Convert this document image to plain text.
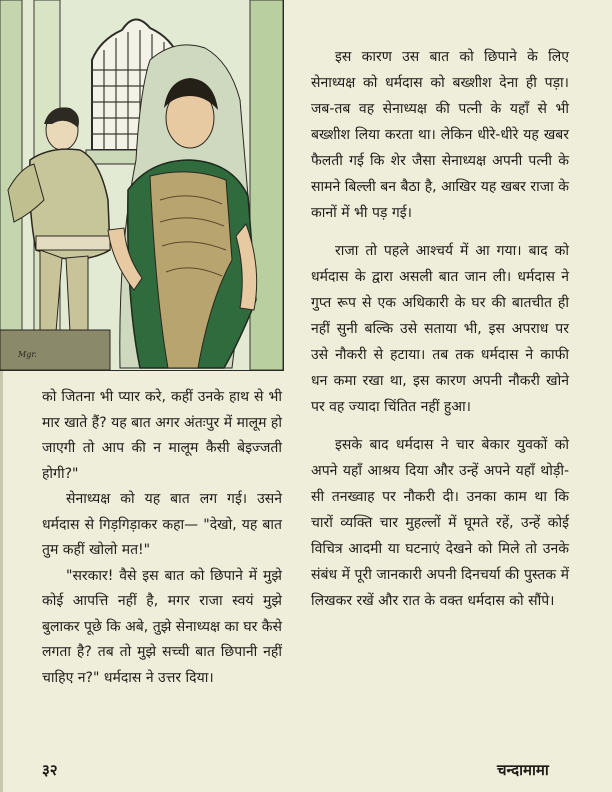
Mgr.

को जितना भी प्यार करे, कहीं उनके हाथ से भी मार खाते हैं? यह बात अगर अंतःपुर में मालूम हो जाएगी तो आप की न मालूम कैसी बेइज्जती होगी?"

सेनाध्यक्ष को यह बात लग गई। उसने धर्मदास से गिड़गिड़ाकर कहा— "देखो, यह बात तुम कहीं खोलो मत!"

"सरकार! वैसे इस बात को छिपाने में मुझे कोई आपत्ति नहीं है, मगर राजा स्वयं मुझे बुलाकर पूछे कि अबे, तुझे सेनाध्यक्ष का घर कैसे लगता है? तब तो मुझे सच्ची बात छिपानी नहीं चाहिए न?" धर्मदास ने उत्तर दिया।

इस कारण उस बात को छिपाने के लिए सेनाध्यक्ष को धर्मदास को बख्शीश देना ही पड़ा। जब-तब वह सेनाध्यक्ष की पत्नी के यहाँ से भी बख्शीश लिया करता था। लेकिन धीरे-धीरे यह खबर फैलती गई कि शेर जैसा सेनाध्यक्ष अपनी पत्नी के सामने बिल्ली बन बैठा है, आखिर यह खबर राजा के कानों में भी पड़ गई।

राजा तो पहले आश्चर्य में आ गया। बाद को धर्मदास के द्वारा असली बात जान ली। धर्मदास ने गुप्त रूप से एक अधिकारी के घर की बातचीत ही नहीं सुनी बल्कि उसे सताया भी, इस अपराध पर उसे नौकरी से हटाया। तब तक धर्मदास ने काफी धन कमा रखा था, इस कारण अपनी नौकरी खोने पर वह ज्यादा चिंतित नहीं हुआ।

इसके बाद धर्मदास ने चार बेकार युवकों को अपने यहाँ आश्रय दिया और उन्हें अपने यहाँ थोड़ी-सी तनख्वाह पर नौकरी दी। उनका काम था कि चारों व्यक्ति चार मुहल्लों में घूमते रहें, उन्हें कोई विचित्र आदमी या घटनाएं देखने को मिले तो उनके संबंध में पूरी जानकारी अपनी दिनचर्या की पुस्तक में लिखकर रखें और रात के वक्त धर्मदास को सौंपे।

३२	चन्दामामा
